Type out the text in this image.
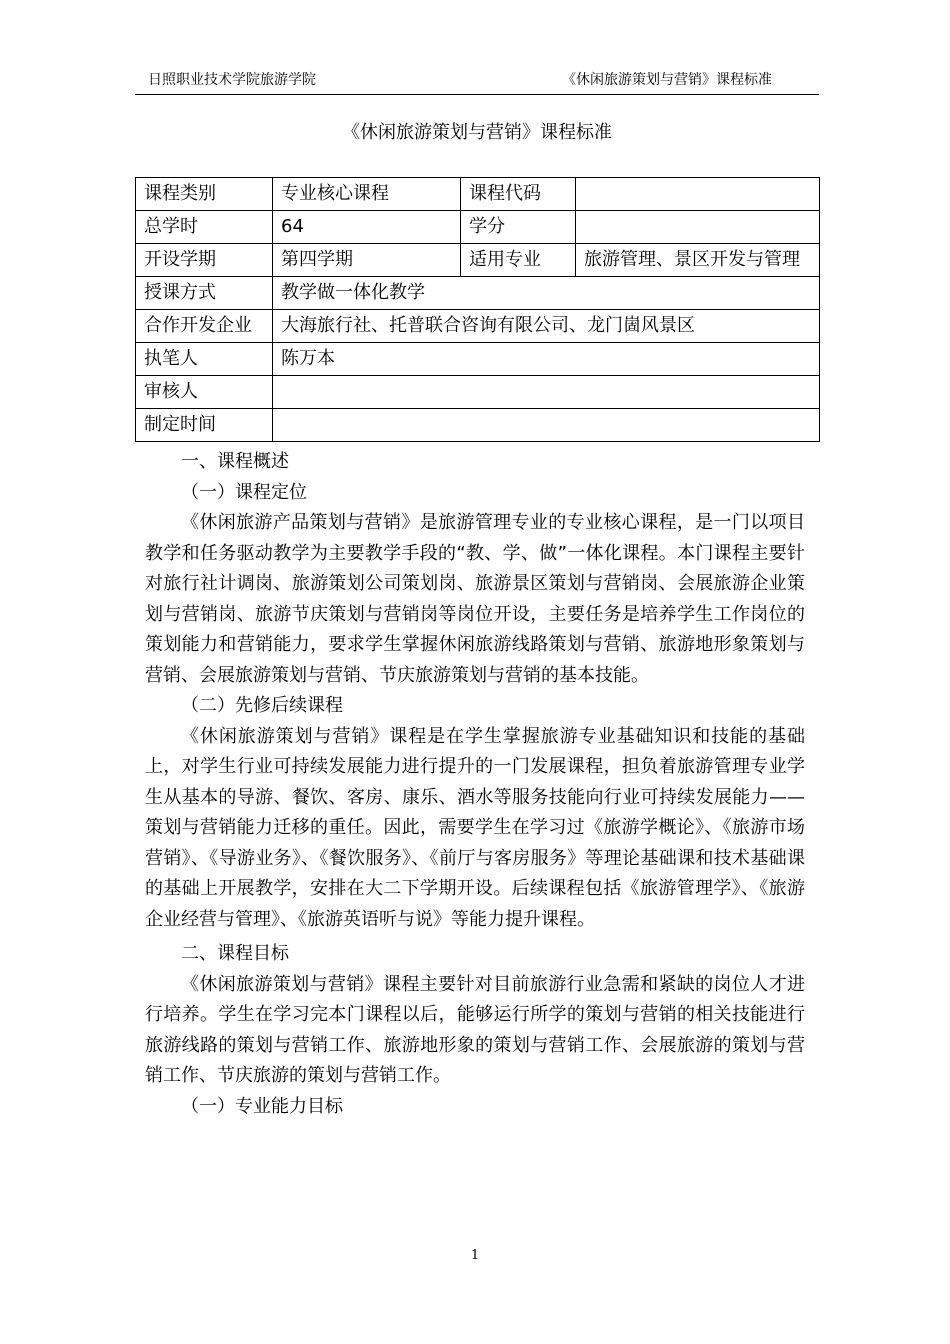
日照职业技术学院旅游学院	《休闲旅游策划与营销》课程标准
《休闲旅游策划与营销》课程标准
课程类别	专业核心课程	课程代码	
总学时	64	学分	
开设学期	第四学期	适用专业	旅游管理、景区开发与管理
授课方式	教学做一体化教学		
合作开发企业	大海旅行社、托普联合咨询有限公司、龙门崮风景区		
执笔人	陈万本		
审核人			
制定时间			

一、课程概述

（一）课程定位

《休闲旅游产品策划与营销》是旅游管理专业的专业核心课程，是一门以项目教学和任务驱动教学为主要教学手段的“教、学、做”一体化课程。本门课程主要针对旅行社计调岗、旅游策划公司策划岗、旅游景区策划与营销岗、会展旅游企业策划与营销岗、旅游节庆策划与营销岗等岗位开设，主要任务是培养学生工作岗位的策划能力和营销能力，要求学生掌握休闲旅游线路策划与营销、旅游地形象策划与营销、会展旅游策划与营销、节庆旅游策划与营销的基本技能。

（二）先修后续课程

《休闲旅游策划与营销》课程是在学生掌握旅游专业基础知识和技能的基础上，对学生行业可持续发展能力进行提升的一门发展课程，担负着旅游管理专业学生从基本的导游、餐饮、客房、康乐、酒水等服务技能向行业可持续发展能力——策划与营销能力迁移的重任。因此，需要学生在学习过《旅游学概论》、《旅游市场营销》、《导游业务》、《餐饮服务》、《前厅与客房服务》等理论基础课和技术基础课的基础上开展教学，安排在大二下学期开设。后续课程包括《旅游管理学》、《旅游企业经营与管理》、《旅游英语听与说》等能力提升课程。

二、课程目标

《休闲旅游策划与营销》课程主要针对目前旅游行业急需和紧缺的岗位人才进行培养。学生在学习完本门课程以后，能够运行所学的策划与营销的相关技能进行旅游线路的策划与营销工作、旅游地形象的策划与营销工作、会展旅游的策划与营销工作、节庆旅游的策划与营销工作。

（一）专业能力目标

1
